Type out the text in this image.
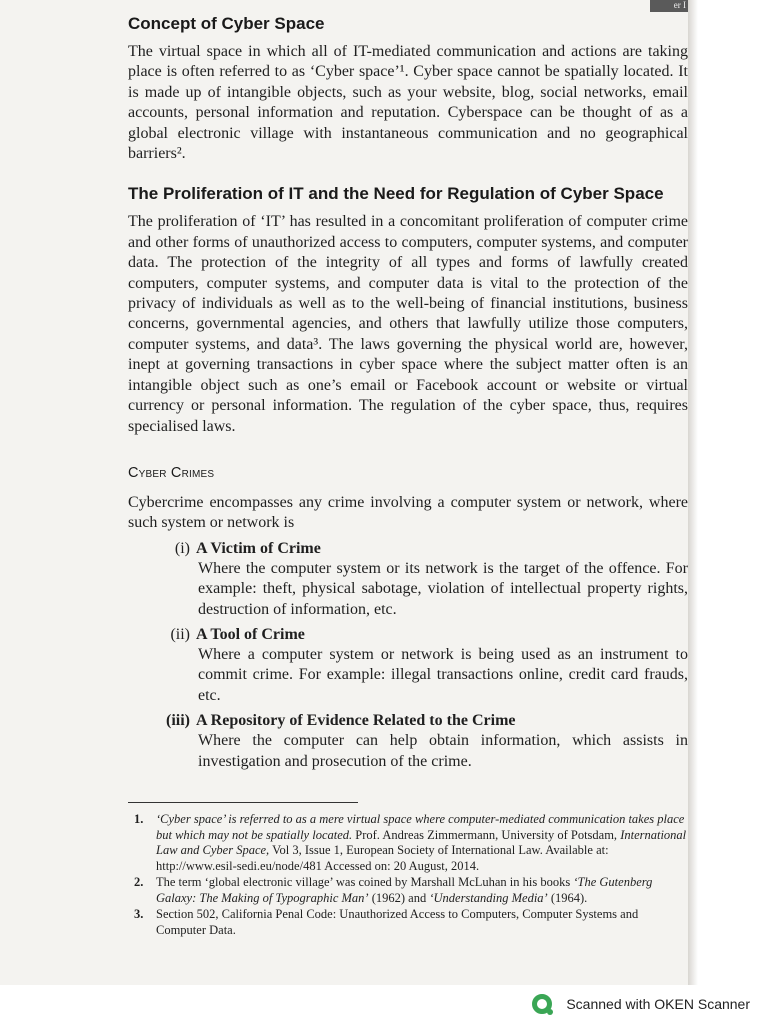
er I
Concept of Cyber Space

The virtual space in which all of IT-mediated communication and actions are taking place is often referred to as ‘Cyber space’¹. Cyber space cannot be spatially located. It is made up of intangible objects, such as your website, blog, social networks, email accounts, personal information and reputation. Cyberspace can be thought of as a global electronic village with instantaneous communication and no geographical barriers².

The Proliferation of IT and the Need for Regulation of Cyber Space

The proliferation of ‘IT’ has resulted in a concomitant proliferation of computer crime and other forms of unauthorized access to computers, computer systems, and computer data. The protection of the integrity of all types and forms of lawfully created computers, computer systems, and computer data is vital to the protection of the privacy of individuals as well as to the well-being of financial institutions, business concerns, governmental agencies, and others that lawfully utilize those computers, computer systems, and data³. The laws governing the physical world are, however, inept at governing transactions in cyber space where the subject matter often is an intangible object such as one’s email or Facebook account or website or virtual currency or personal information. The regulation of the cyber space, thus, requires specialised laws.

Cyber Crimes

Cybercrime encompasses any crime involving a computer system or network, where such system or network is

(i) A Victim of Crime
Where the computer system or its network is the target of the offence. For example: theft, physical sabotage, violation of intellectual property rights, destruction of information, etc.
(ii) A Tool of Crime
Where a computer system or network is being used as an instrument to commit crime. For example: illegal transactions online, credit card frauds, etc.
(iii) A Repository of Evidence Related to the Crime
Where the computer can help obtain information, which assists in investigation and prosecution of the crime.
1.	‘Cyber space’ is referred to as a mere virtual space where computer-mediated communication takes place but which may not be spatially located. Prof. Andreas Zimmermann, University of Potsdam, International Law and Cyber Space, Vol 3, Issue 1, European Society of International Law. Available at: http://www.esil-sedi.eu/node/481 Accessed on: 20 August, 2014.
2.	The term ‘global electronic village’ was coined by Marshall McLuhan in his books ‘The Gutenberg Galaxy: The Making of Typographic Man’ (1962) and ‘Understanding Media’ (1964).
3.	Section 502, California Penal Code: Unauthorized Access to Computers, Computer Systems and Computer Data.
Scanned with OKEN Scanner
